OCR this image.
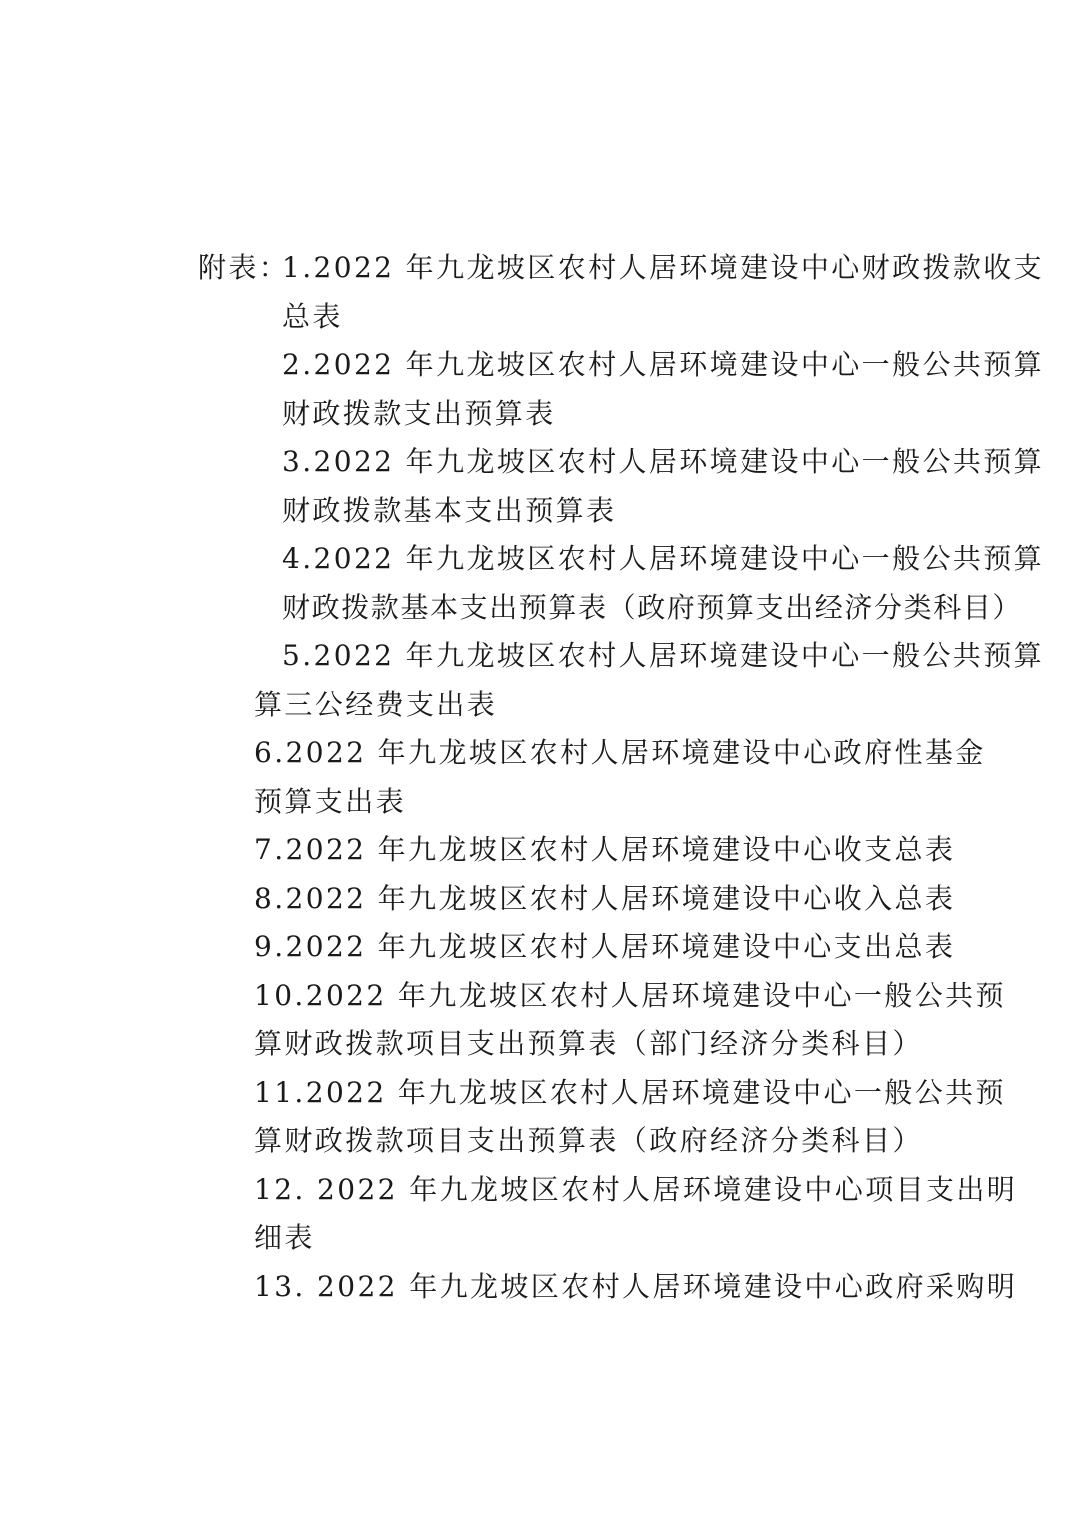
附表：
1.2022 年九龙坡区农村人居环境建设中心财政拨款收支
总表
2.2022 年九龙坡区农村人居环境建设中心一般公共预算
财政拨款支出预算表
3.2022 年九龙坡区农村人居环境建设中心一般公共预算
财政拨款基本支出预算表
4.2022 年九龙坡区农村人居环境建设中心一般公共预算
财政拨款基本支出预算表（政府预算支出经济分类科目）
5.2022 年九龙坡区农村人居环境建设中心一般公共预算
算三公经费支出表
6.2022 年九龙坡区农村人居环境建设中心政府性基金
预算支出表
7.2022 年九龙坡区农村人居环境建设中心收支总表
8.2022 年九龙坡区农村人居环境建设中心收入总表
9.2022 年九龙坡区农村人居环境建设中心支出总表
10.2022 年九龙坡区农村人居环境建设中心一般公共预
算财政拨款项目支出预算表（部门经济分类科目）
11.2022 年九龙坡区农村人居环境建设中心一般公共预
算财政拨款项目支出预算表（政府经济分类科目）
12. 2022 年九龙坡区农村人居环境建设中心项目支出明
细表
13. 2022 年九龙坡区农村人居环境建设中心政府采购明
